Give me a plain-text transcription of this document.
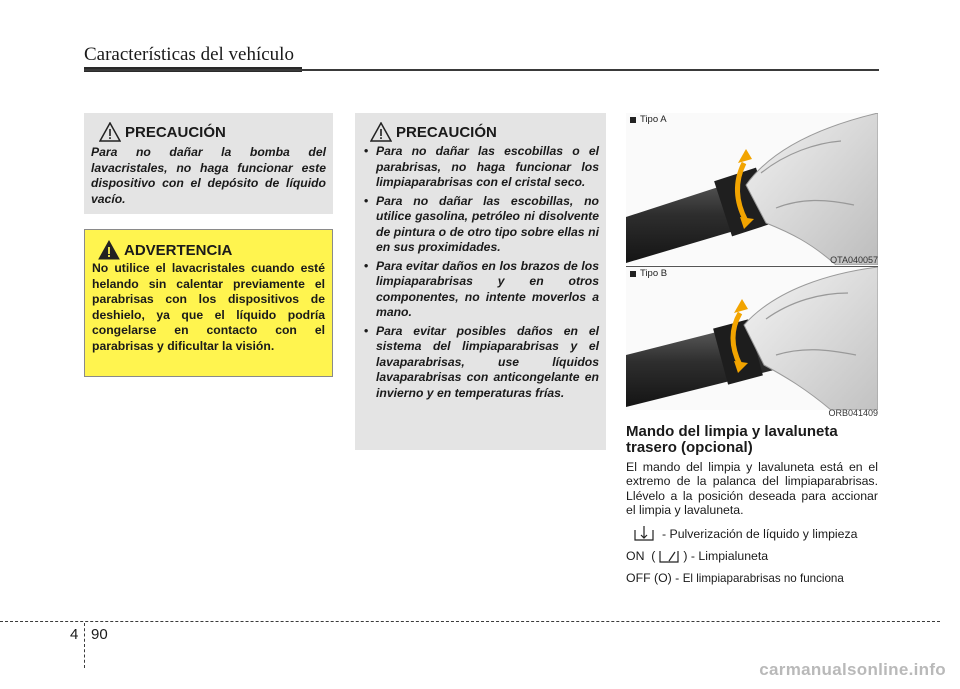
Características del vehículo
PRECAUCIÓN
Para no dañar la bomba del lavacristales, no haga funcionar este dispositivo con el depósito de líquido vacío.
ADVERTENCIA
No utilice el lavacristales cuando esté helando sin calentar previamente el parabrisas con los dispositivos de deshielo, ya que el líquido podría congelarse en contacto con el parabrisas y dificultar la visión.
PRECAUCIÓN
• Para no dañar las escobillas o el parabrisas, no haga funcionar los limpiaparabrisas con el cristal seco.
• Para no dañar las escobillas, no utilice gasolina, petróleo ni disolvente de pintura o de otro tipo sobre ellas ni en sus proximidades.
• Para evitar daños en los brazos de los limpiaparabrisas y en otros componentes, no intente moverlos a mano.
• Para evitar posibles daños en el sistema del limpiaparabrisas y el lavaparabrisas, use líquidos lavaparabrisas con anticongelante en invierno y en temperaturas frías.
Tipo A
OTA040057
Tipo B
ORB041409
Mando del limpia y lavaluneta trasero (opcional)
El mando del limpia y lavaluneta está en el extremo de la palanca del limpiaparabrisas. Llévelo a la posición deseada para accionar el limpia y lavaluneta.
- Pulverización de líquido y limpieza
ON  ( ) - Limpialuneta
OFF (O) - El limpiaparabrisas no funciona
4 90
carmanualsonline.info
